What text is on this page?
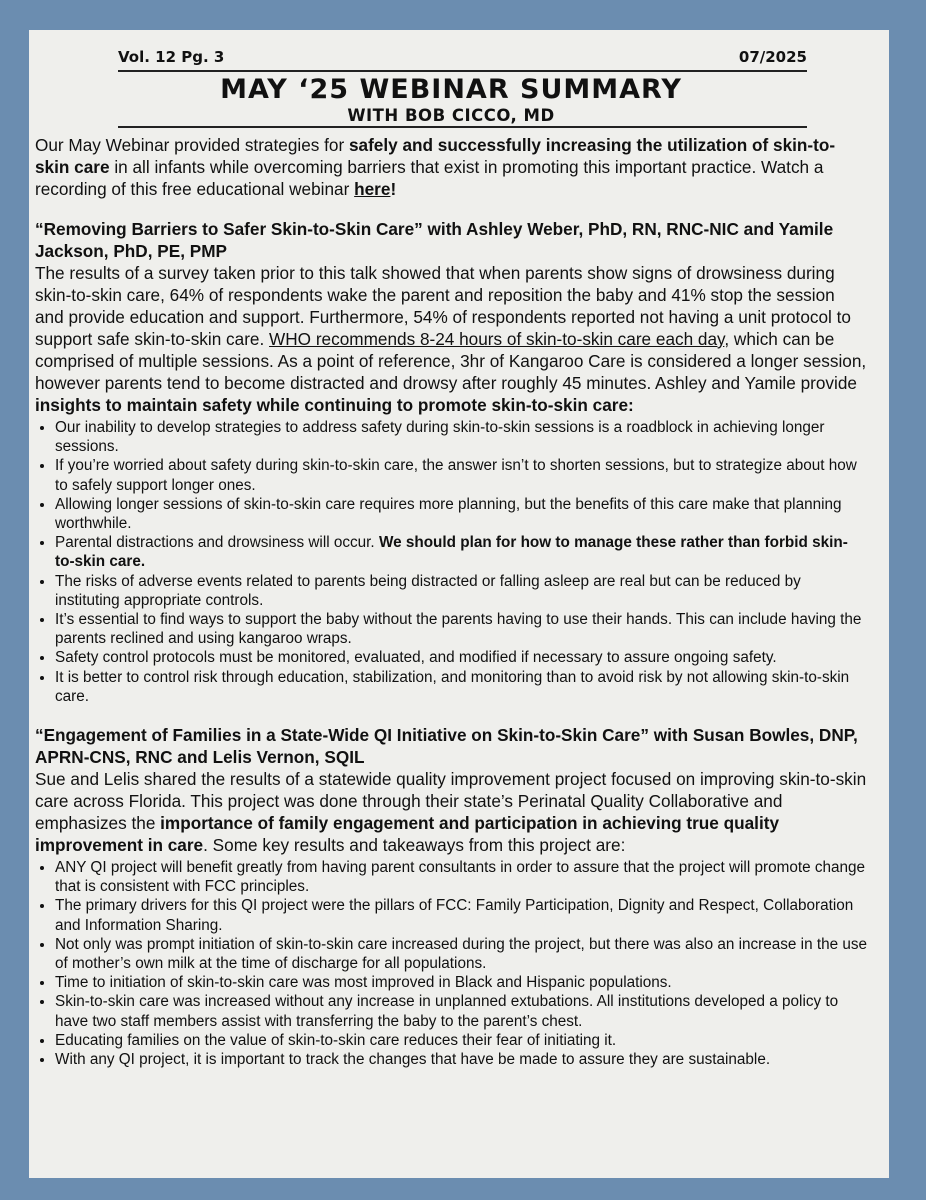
Vol. 12 Pg. 3	07/2025
MAY ‘25 WEBINAR SUMMARY
WITH BOB CICCO, MD

Our May Webinar provided strategies for safely and successfully increasing the utilization of skin-to-skin care in all infants while overcoming barriers that exist in promoting this important practice. Watch a recording of this free educational webinar here!

“Removing Barriers to Safer Skin-to-Skin Care” with Ashley Weber, PhD, RN, RNC-NIC and Yamile Jackson, PhD, PE, PMP

The results of a survey taken prior to this talk showed that when parents show signs of drowsiness during skin-to-skin care, 64% of respondents wake the parent and reposition the baby and 41% stop the session and provide education and support. Furthermore, 54% of respondents reported not having a unit protocol to support safe skin-to-skin care. WHO recommends 8-24 hours of skin-to-skin care each day, which can be comprised of multiple sessions. As a point of reference, 3hr of Kangaroo Care is considered a longer session, however parents tend to become distracted and drowsy after roughly 45 minutes. Ashley and Yamile provide insights to maintain safety while continuing to promote skin-to-skin care:

• Our inability to develop strategies to address safety during skin-to-skin sessions is a roadblock in achieving longer sessions.
• If you’re worried about safety during skin-to-skin care, the answer isn’t to shorten sessions, but to strategize about how to safely support longer ones.
• Allowing longer sessions of skin-to-skin care requires more planning, but the benefits of this care make that planning worthwhile.
• Parental distractions and drowsiness will occur. We should plan for how to manage these rather than forbid skin-to-skin care.
• The risks of adverse events related to parents being distracted or falling asleep are real but can be reduced by instituting appropriate controls.
• It’s essential to find ways to support the baby without the parents having to use their hands. This can include having the parents reclined and using kangaroo wraps.
• Safety control protocols must be monitored, evaluated, and modified if necessary to assure ongoing safety.
• It is better to control risk through education, stabilization, and monitoring than to avoid risk by not allowing skin-to-skin care.
“Engagement of Families in a State-Wide QI Initiative on Skin-to-Skin Care” with Susan Bowles, DNP, APRN-CNS, RNC and Lelis Vernon, SQIL

Sue and Lelis shared the results of a statewide quality improvement project focused on improving skin-to-skin care across Florida. This project was done through their state’s Perinatal Quality Collaborative and emphasizes the importance of family engagement and participation in achieving true quality improvement in care. Some key results and takeaways from this project are:

• ANY QI project will benefit greatly from having parent consultants in order to assure that the project will promote change that is consistent with FCC principles.
• The primary drivers for this QI project were the pillars of FCC: Family Participation, Dignity and Respect, Collaboration and Information Sharing.
• Not only was prompt initiation of skin-to-skin care increased during the project, but there was also an increase in the use of mother’s own milk at the time of discharge for all populations.
• Time to initiation of skin-to-skin care was most improved in Black and Hispanic populations.
• Skin-to-skin care was increased without any increase in unplanned extubations. All institutions developed a policy to have two staff members assist with transferring the baby to the parent’s chest.
• Educating families on the value of skin-to-skin care reduces their fear of initiating it.
• With any QI project, it is important to track the changes that have be made to assure they are sustainable.
